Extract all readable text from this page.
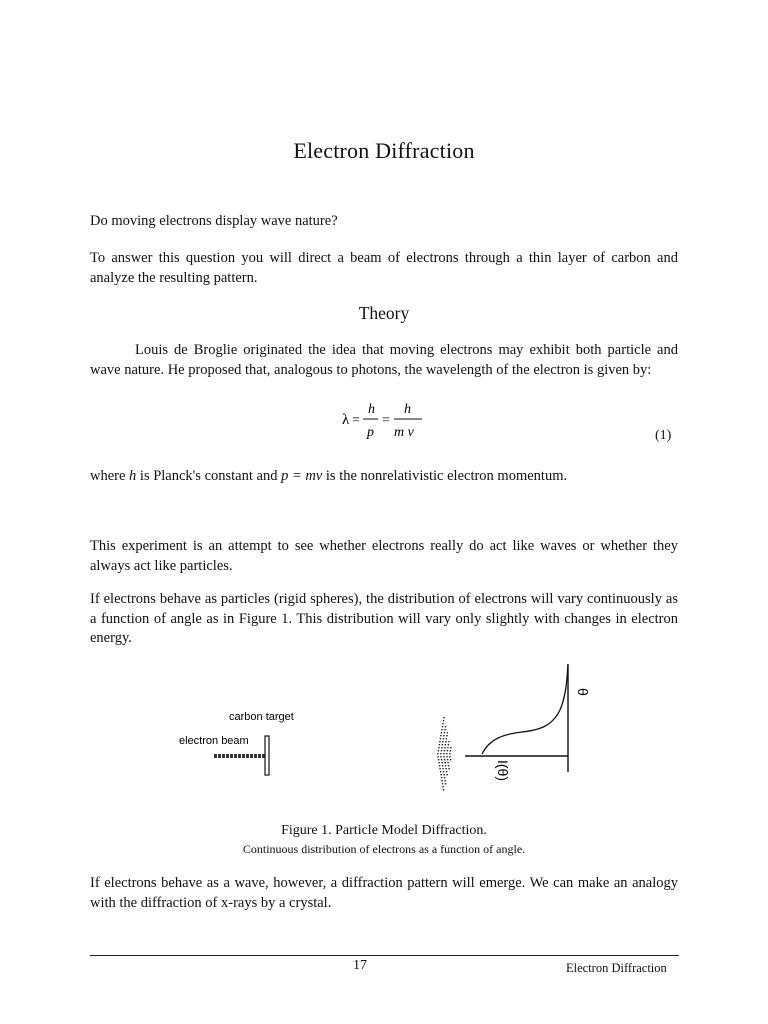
Electron Diffraction
Do moving electrons display wave nature?
To answer this question you will direct a beam of electrons through a thin layer of carbon and analyze the resulting pattern.
Theory
Louis de Broglie originated the idea that moving electrons may exhibit both particle and wave nature. He proposed that, analogous to photons, the wavelength of the electron is given by:
λ =
h
p
=
h
m v	(1)
where h is Planck's constant and p = mv is the nonrelativistic electron momentum.
This experiment is an attempt to see whether electrons really do act like waves or whether they always act like particles.
If electrons behave as particles (rigid spheres), the distribution of electrons will vary continuously as a function of angle as in Figure 1. This distribution will vary only slightly with changes in electron energy.
carbon target
electron beam
θ
I(θ)
Figure 1. Particle Model Diffraction.
Continuous distribution of electrons as a function of angle.
If electrons behave as a wave, however, a diffraction pattern will emerge. We can make an analogy with the diffraction of x-rays by a crystal.
17	Electron Diffraction
